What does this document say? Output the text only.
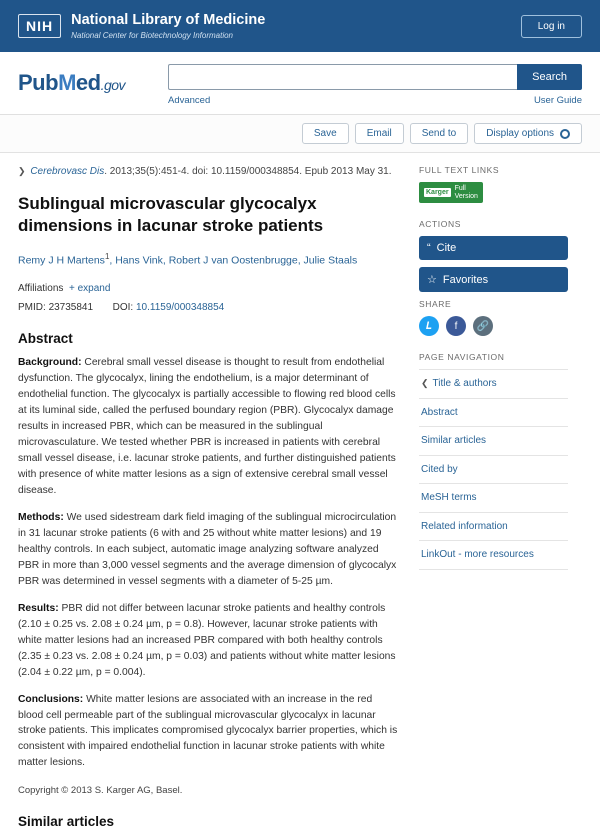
NIH	National Library of Medicine
National Center for Biotechnology Information
Log in
PubMed.gov	Search
Advanced	User Guide
Save	Email	Send to	Display options
❯ Cerebrovasc Dis. 2013;35(5):451-4. doi: 10.1159/000348854. Epub 2013 May 31.
Sublingual microvascular glycocalyx dimensions in lacunar stroke patients
Remy J H Martens$^1$, Hans Vink, Robert J van Oostenbrugge, Julie Staals
Affiliations + expand
PMID: 23735841 DOI: 10.1159/000348854
Abstract
Background: Cerebral small vessel disease is thought to result from endothelial dysfunction. The glycocalyx, lining the endothelium, is a major determinant of endothelial function. The glycocalyx is partially accessible to flowing red blood cells at its luminal side, called the perfused boundary region (PBR). Glycocalyx damage results in increased PBR, which can be measured in the sublingual microvasculature. We tested whether PBR is increased in patients with cerebral small vessel disease, i.e. lacunar stroke patients, and further distinguished patients with presence of white matter lesions as a sign of extensive cerebral small vessel disease.
Methods: We used sidestream dark field imaging of the sublingual microcirculation in 31 lacunar stroke patients (6 with and 25 without white matter lesions) and 19 healthy controls. In each subject, automatic image analyzing software analyzed PBR in more than 3,000 vessel segments and the average dimension of glycocalyx PBR was determined in vessel segments with a diameter of 5-25 µm.
Results: PBR did not differ between lacunar stroke patients and healthy controls (2.10 ± 0.25 vs. 2.08 ± 0.24 µm, p = 0.8). However, lacunar stroke patients with white matter lesions had an increased PBR compared with both healthy controls (2.35 ± 0.23 vs. 2.08 ± 0.24 µm, p = 0.03) and patients without white matter lesions (2.04 ± 0.22 µm, p = 0.004).
Conclusions: White matter lesions are associated with an increase in the red blood cell permeable part of the sublingual microvascular glycocalyx in lacunar stroke patients. This implicates compromised glycocalyx barrier properties, which is consistent with impaired endothelial function in lacunar stroke patients with white matter lesions.
Copyright © 2013 S. Karger AG, Basel.
Similar articles
FULL TEXT LINKS
Karger
Full
Version
ACTIONS
“ Cite
☆ Favorites
SHARE
𝑳	f	🔗
PAGE NAVIGATION
❮ Title & authors
Abstract
Similar articles
Cited by
MeSH terms
Related information
LinkOut - more resources
